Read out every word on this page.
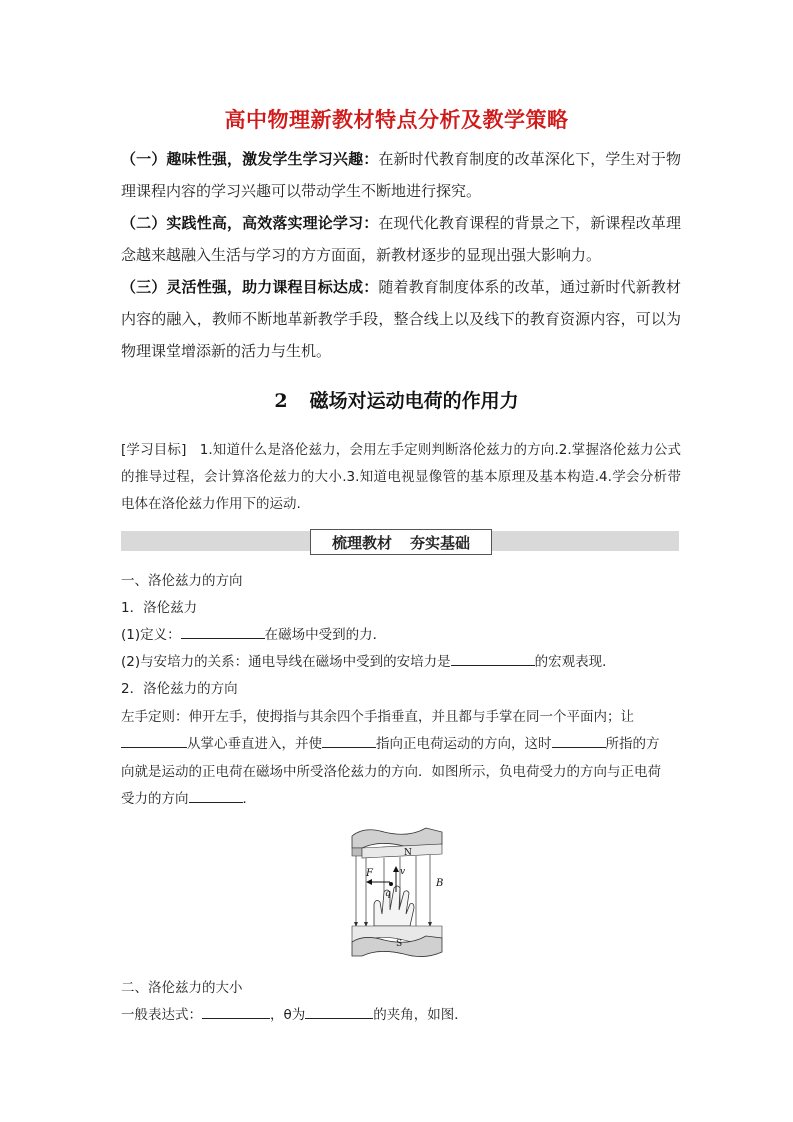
高中物理新教材特点分析及教学策略
（一）趣味性强，激发学生学习兴趣：在新时代教育制度的改革深化下，学生对于物理课程内容的学习兴趣可以带动学生不断地进行探究。
（二）实践性高，高效落实理论学习：在现代化教育课程的背景之下，新课程改革理念越来越融入生活与学习的方方面面，新教材逐步的显现出强大影响力。
（三）灵活性强，助力课程目标达成：随着教育制度体系的改革，通过新时代新教材内容的融入，教师不断地革新教学手段，整合线上以及线下的教育资源内容，可以为物理课堂增添新的活力与生机。
2 磁场对运动电荷的作用力
[学习目标] 1.知道什么是洛伦兹力，会用左手定则判断洛伦兹力的方向.2.掌握洛伦兹力公式的推导过程，会计算洛伦兹力的大小.3.知道电视显像管的基本原理及基本构造.4.学会分析带电体在洛伦兹力作用下的运动.
梳理教材 夯实基础
一、洛伦兹力的方向
1．洛伦兹力
(1)定义：	在磁场中受到的力．
(2)与安培力的关系：通电导线在磁场中受到的安培力是	的宏观表现．
2．洛伦兹力的方向
左手定则：伸开左手，使拇指与其余四个手指垂直，并且都与手掌在同一个平面内；让
从掌心垂直进入，并使	指向正电荷运动的方向，这时	所指的方
向就是运动的正电荷在磁场中所受洛伦兹力的方向．如图所示，负电荷受力的方向与正电荷
受力的方向	．
N
F	v
q
B
S
二、洛伦兹力的大小
一般表达式：	，θ为	的夹角，如图．
